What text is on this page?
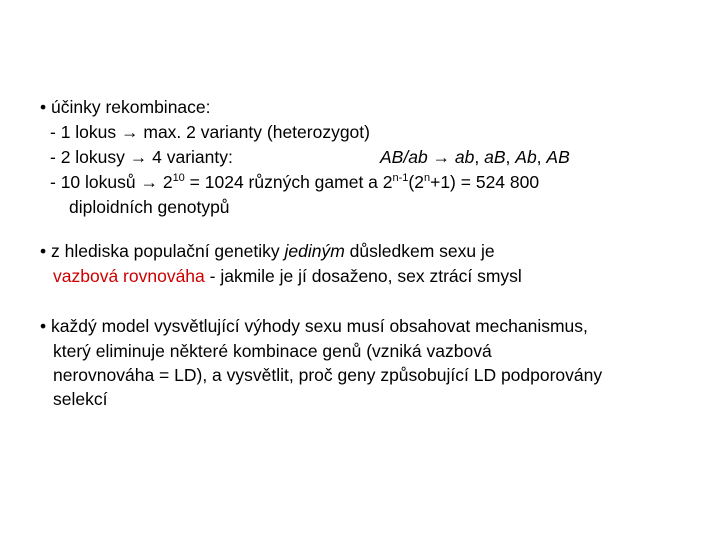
• účinky rekombinace:
- 1 lokus → max. 2 varianty (heterozygot)
- 2 lokusy → 4 varianty:	AB/ab → ab, aB, Ab, AB
- 10 lokusů → $2^{10} = 1024$ různých gamet a $2^{n-1}(2^n+1) = 524$ 800
diploidních genotypů
• z hlediska populační genetiky jediným důsledkem sexu je
vazbová rovnováha - jakmile je jí dosaženo, sex ztrácí smysl
• každý model vysvětlující výhody sexu musí obsahovat mechanismus,
který eliminuje některé kombinace genů (vzniká vazbová
nerovnováha = LD), a vysvětlit, proč geny způsobující LD podporovány
selekcí
